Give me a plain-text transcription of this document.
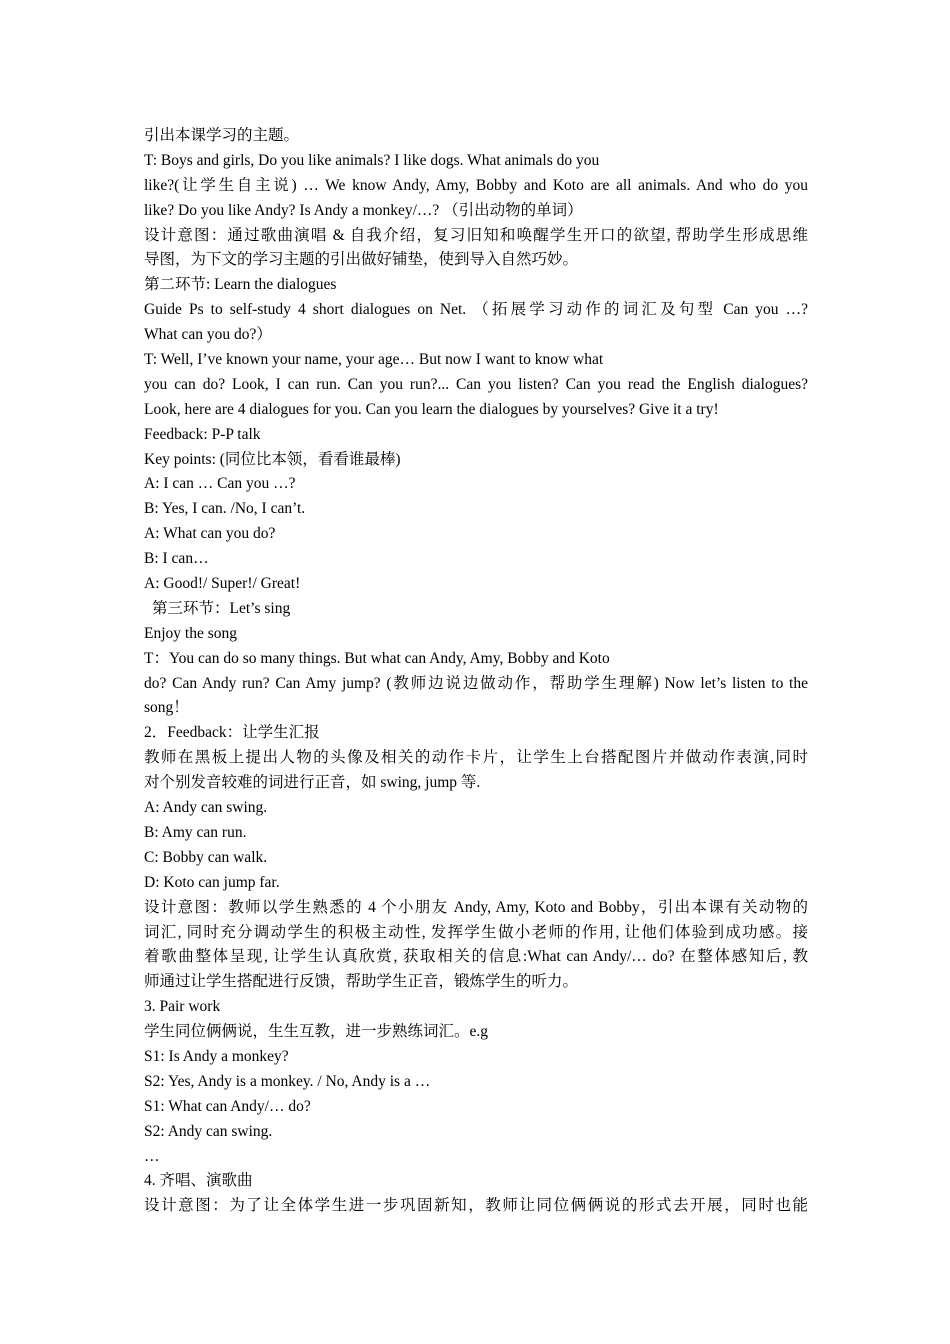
引出本课学习的主题。
T: Boys and girls, Do you like animals? I like dogs. What animals do you
like?(让学生自主说) … We know Andy, Amy, Bobby and Koto are all animals. And who do you
like? Do you like Andy? Is Andy a monkey/…? （引出动物的单词）
设计意图：通过歌曲演唱 & 自我介绍，复习旧知和唤醒学生开口的欲望, 帮助学生形成思维
导图，为下文的学习主题的引出做好铺垫，使到导入自然巧妙。
第二环节: Learn the dialogues
Guide Ps to self-study 4 short dialogues on Net. （拓展学习动作的词汇及句型 Can you …?
What can you do?）
T: Well, I’ve known your name, your age… But now I want to know what
you can do? Look, I can run. Can you run?... Can you listen? Can you read the English dialogues?
Look, here are 4 dialogues for you. Can you learn the dialogues by yourselves? Give it a try!
Feedback: P-P talk
Key points: (同位比本领，看看谁最棒)
A: I can … Can you …?
B: Yes, I can. /No, I can’t.
A: What can you do?
B: I can…
A: Good!/ Super!/ Great!
第三环节：Let’s sing
Enjoy the song
T：You can do so many things. But what can Andy, Amy, Bobby and Koto
do? Can Andy run? Can Amy jump? (教师边说边做动作，帮助学生理解) Now let’s listen to the
song！
2．Feedback：让学生汇报
教师在黑板上提出人物的头像及相关的动作卡片，让学生上台搭配图片并做动作表演,同时
对个别发音较难的词进行正音，如 swing, jump 等.
A: Andy can swing.
B: Amy can run.
C: Bobby can walk.
D: Koto can jump far.
设计意图：教师以学生熟悉的 4 个小朋友 Andy, Amy, Koto and Bobby，引出本课有关动物的
词汇, 同时充分调动学生的积极主动性, 发挥学生做小老师的作用, 让他们体验到成功感。接
着歌曲整体呈现, 让学生认真欣赏, 获取相关的信息:What can Andy/… do? 在整体感知后, 教
师通过让学生搭配进行反馈，帮助学生正音，锻炼学生的听力。
3. Pair work
学生同位俩俩说，生生互教，进一步熟练词汇。e.g
S1: Is Andy a monkey?
S2: Yes, Andy is a monkey. / No, Andy is a …
S1: What can Andy/… do?
S2: Andy can swing.
…
4. 齐唱、演歌曲
设计意图：为了让全体学生进一步巩固新知，教师让同位俩俩说的形式去开展，同时也能
